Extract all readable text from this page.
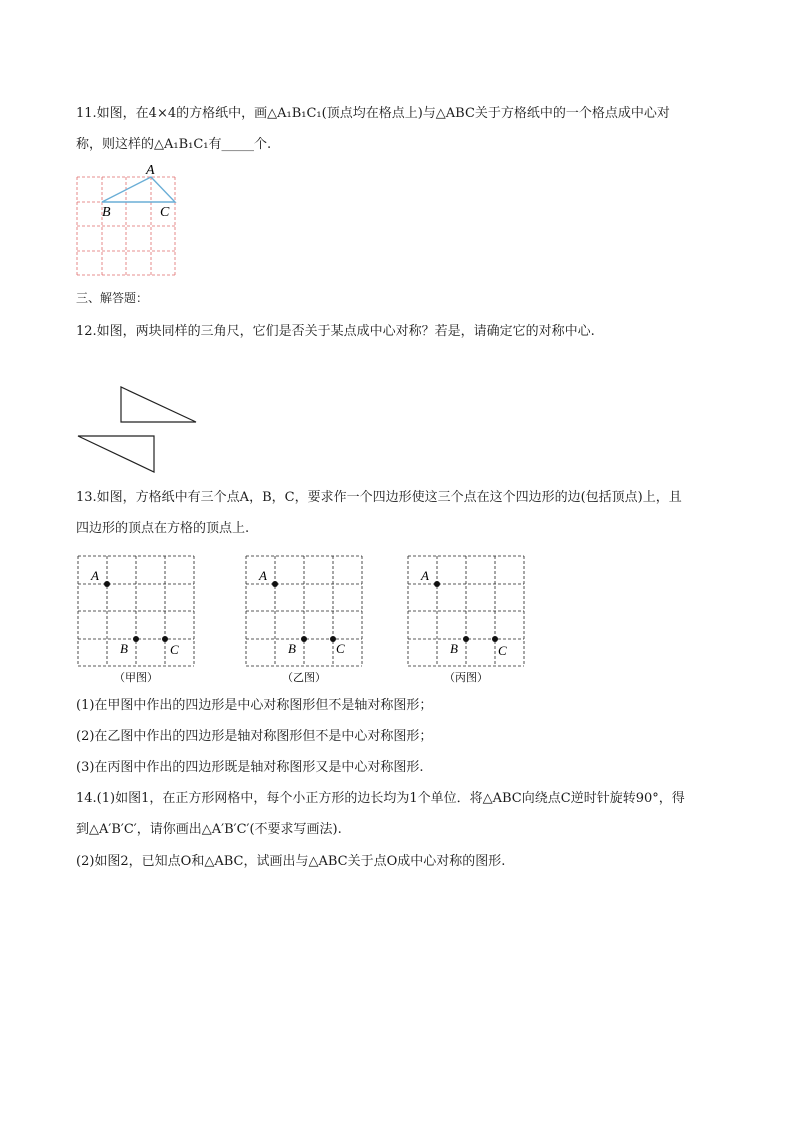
11.如图，在4×4的方格纸中，画△A₁B₁C₁(顶点均在格点上)与△ABC关于方格纸中的一个格点成中心对
称，则这样的△A₁B₁C₁有_____个.
A
B	C
三、解答题：
12.如图，两块同样的三角尺，它们是否关于某点成中心对称？若是，请确定它的对称中心.
13.如图，方格纸中有三个点A，B，C，要求作一个四边形使这三个点在这个四边形的边(包括顶点)上，且
四边形的顶点在方格的顶点上.
A
B	C
（甲图）
A
B	C
（乙图）
A
B	C
（丙图）
(1)在甲图中作出的四边形是中心对称图形但不是轴对称图形；
(2)在乙图中作出的四边形是轴对称图形但不是中心对称图形；
(3)在丙图中作出的四边形既是轴对称图形又是中心对称图形.
14.(1)如图1，在正方形网格中，每个小正方形的边长均为1个单位．将△ABC向绕点C逆时针旋转90°，得
到△A′B′C′，请你画出△A′B′C′(不要求写画法).
(2)如图2，已知点O和△ABC，试画出与△ABC关于点O成中心对称的图形.
